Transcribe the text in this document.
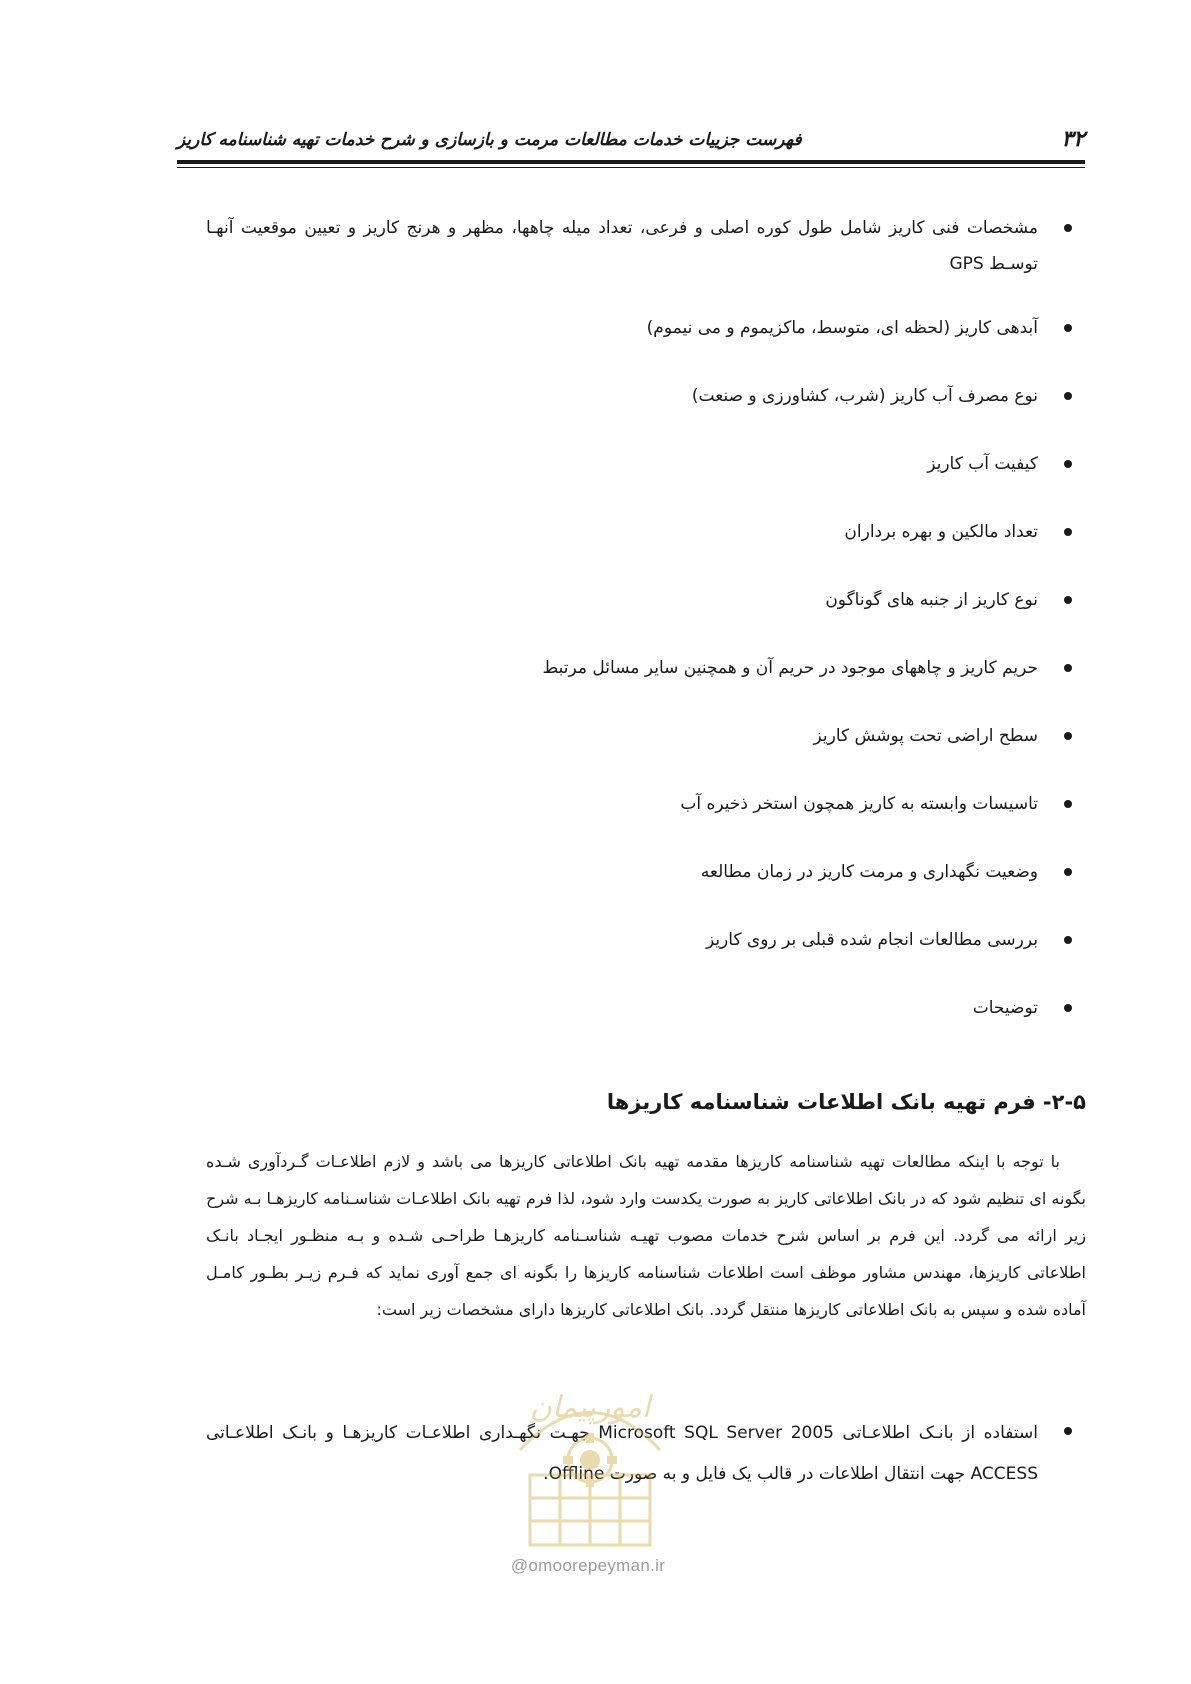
فهرست جزییات خدمات مطالعات مرمت و بازسازی و شرح خدمات تهیه شناسنامه کاریز	۳۲
مشخصات فنی کاریز شامل طول کوره اصلی و فرعی، تعداد میله چاهها، مظهر و هرنج کاریز و تعیین موقعیت آنهـا توسـط GPS
آبدهی کاریز (لحظه ای، متوسط، ماکزیموم و می نیموم)
نوع مصرف آب کاریز (شرب، کشاورزی و صنعت)
کیفیت آب کاریز
تعداد مالکین و بهره برداران
نوع کاریز از جنبه های گوناگون
حریم کاریز و چاههای موجود در حریم آن و همچنین سایر مسائل مرتبط
سطح اراضی تحت پوشش کاریز
تاسیسات وابسته به کاریز همچون استخر ذخیره آب
وضعیت نگهداری و مرمت کاریز در زمان مطالعه
بررسی مطالعات انجام شده قبلی بر روی کاریز
توضیحات
۲-۵- فرم تهیه بانک اطلاعات شناسنامه کاریزها

با توجه با اینکه مطالعات تهیه شناسنامه کاریزها مقدمه تهیه بانک اطلاعاتی کاریزها می باشد و لازم اطلاعـات گـردآوری شـده بگونه ای تنظیم شود که در بانک اطلاعاتی کاریز به صورت یکدست وارد شود، لذا فرم تهیه بانک اطلاعـات شناسـنامه کاریزهـا بـه شرح زیر ارائه می گردد. این فرم بر اساس شرح خدمات مصوب تهیـه شناسـنامه کاریزهـا طراحـی شـده و بـه منظـور ایجـاد بانـک اطلاعاتی کاریزها، مهندس مشاور موظف است اطلاعات شناسنامه کاریزها را بگونه ای جمع آوری نماید که فـرم زیـر بطـور کامـل آماده شده و سپس به بانک اطلاعاتی کاریزها منتقل گردد. بانک اطلاعاتی کاریزها دارای مشخصات زیر است:

استفاده از بانـک اطلاعـاتی Microsoft SQL Server 2005 جهـت نگهـداری اطلاعـات کاریزهـا و بانـک اطلاعـاتی ACCESS جهت انتقال اطلاعات در قالب یک فایل و به صورت Offline.
امورپیمان
@omoorepeyman.ir
